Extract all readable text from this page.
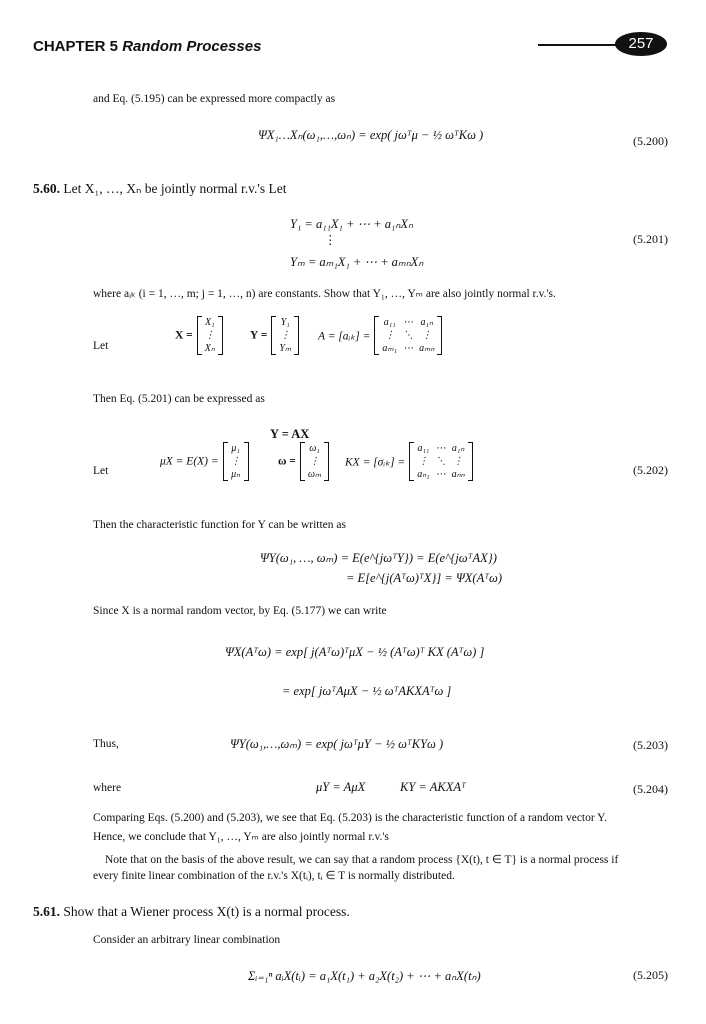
CHAPTER 5 Random Processes	257
and Eq. (5.195) can be expressed more compactly as
ΨX₁…Xₙ(ω₁,…,ωₙ) = exp( jωᵀμ − ½ ωᵀKω )	(5.200)
5.60. Let X₁, …, Xₙ be jointly normal r.v.'s Let
Y₁ = a₁₁X₁ + ⋯ + a₁ₙXₙ
⋮
Yₘ = aₘ₁X₁ + ⋯ + aₘₙXₙ
(5.201)
where aᵢₖ (i = 1, …, m; j = 1, …, n) are constants. Show that Y₁, …, Yₘ are also jointly normal r.v.'s.
Let
X =
X₁
⋮
Xₙ
Y =
Y₁
⋮
Yₘ
A = [aᵢₖ] =
a₁₁	⋯	a₁ₙ
⋮	⋱	⋮
aₘ₁	⋯	aₘₙ
Then Eq. (5.201) can be expressed as
Y = AX
Let
μX = E(X) =
μ₁
⋮
μₙ
ω =
ω₁
⋮
ωₘ
KX = [σᵢₖ] =
a₁₁	⋯	a₁ₙ
⋮	⋱	⋮
aₙ₁	⋯	aₙₙ	(5.202)
Then the characteristic function for Y can be written as
ΨY(ω₁, …, ωₘ) = E(e^{jωᵀY}) = E(e^{jωᵀAX})
= E[e^{j(Aᵀω)ᵀX}] = ΨX(Aᵀω)
Since X is a normal random vector, by Eq. (5.177) we can write
ΨX(Aᵀω) = exp[ j(Aᵀω)ᵀμX − ½ (Aᵀω)ᵀ KX (Aᵀω) ]
= exp[ jωᵀAμX − ½ ωᵀAKXAᵀω ]
Thus,	ΨY(ω₁,…,ωₘ) = exp( jωᵀμY − ½ ωᵀKYω )	(5.203)
where	μY = AμX	KY = AKXAᵀ	(5.204)
Comparing Eqs. (5.200) and (5.203), we see that Eq. (5.203) is the characteristic function of a random vector Y.
Hence, we conclude that Y₁, …, Yₘ are also jointly normal r.v.'s
Note that on the basis of the above result, we can say that a random process {X(t), t ∈ T} is a normal process if
every finite linear combination of the r.v.'s X(tᵢ), tᵢ ∈ T is normally distributed.
5.61. Show that a Wiener process X(t) is a normal process.
Consider an arbitrary linear combination
Σᵢ₌₁ⁿ aᵢX(tᵢ) = a₁X(t₁) + a₂X(t₂) + ⋯ + aₙX(tₙ)	(5.205)
